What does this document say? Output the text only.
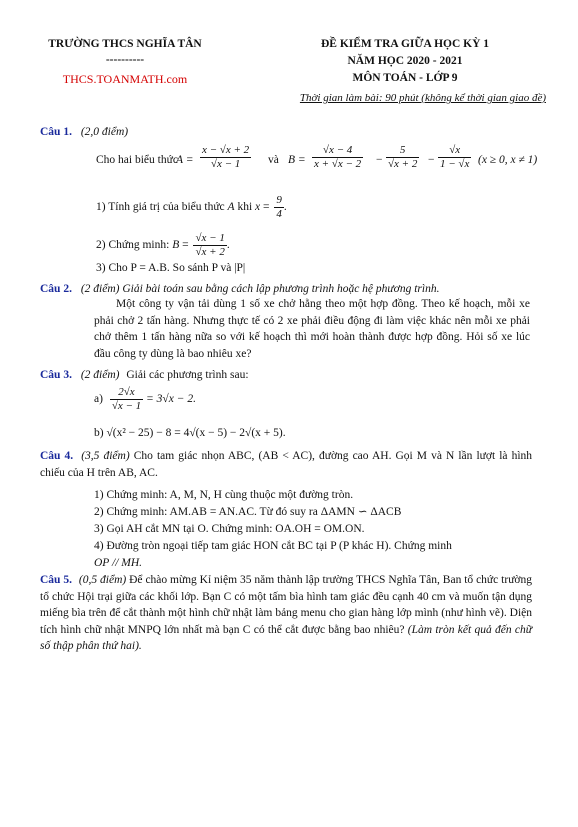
TRƯỜNG THCS NGHĨA TÂN
----------
THCS.TOANMATH.com
ĐỀ KIỂM TRA GIỮA HỌC KỲ 1
NĂM HỌC 2020 - 2021
MÔN TOÁN - LỚP 9
Thời gian làm bài: 90 phút (không kể thời gian giao đề)
Câu 1. (2,0 điểm)
Cho hai biểu thức
$A = \frac{x - √x + 2}{√x - 1}$ và $B = \frac{√x - 4}{x + √x - 2} - \frac{5}{√x + 2} - \frac{√x}{1 - √x} (x \ge 0$, x ≠ 1)
1) Tính giá trị của biểu thức A khi $x = \frac{9}{4}$ .
2) Chứng minh: $B = \frac{√x - 1}{√x + 2}$ .
3) Cho P = A.B. So sánh P và |P|
Câu 2. (2 điểm) Giải bài toán sau bằng cách lập phương trình hoặc hệ phương trình.
Một công ty vận tải dùng 1 số xe chở hằng theo một hợp đồng. Theo kế hoạch, mỗi xe phải chở 2 tấn hàng. Nhưng thực tế có 2 xe phải điều động đi làm việc khác nên mỗi xe phải chở thêm 1 tấn hàng nữa so với kế hoạch thì mới hoàn thành được hợp đồng. Hỏi số xe lúc đầu công ty dùng là bao nhiêu xe?
Câu 3. (2 điểm) Giải các phương trình sau:
$a) \frac{2√x}{√x - 1} = 3√x - 2$.
b) √(x² − 25) − 8 = 4√(x − 5) − 2√(x + 5).
Câu 4. (3,5 điểm) Cho tam giác nhọn ABC, (AB < AC), đường cao AH. Gọi M và N lần lượt là hình chiếu của H trên AB, AC.
1) Chứng minh: A, M, N, H cùng thuộc một đường tròn.
2) Chứng minh: AM.AB = AN.AC. Từ đó suy ra ΔAMN ∽ ΔACB
3) Gọi AH cắt MN tại O. Chứng minh: OA.OH = OM.ON.
4) Đường tròn ngoại tiếp tam giác HON cắt BC tại P (P khác H). Chứng minh
OP // MH.
Câu 5. (0,5 điểm) Để chào mừng Kỉ niệm 35 năm thành lập trường THCS Nghĩa Tân, Ban tổ chức trường tổ chức Hội trại giữa các khối lớp. Bạn C có một tấm bìa hình tam giác đều cạnh 40 cm và muốn tận dụng miếng bìa trên để cắt thành một hình chữ nhật làm bảng menu cho gian hàng lớp mình (như hình vẽ). Diện tích hình chữ nhật MNPQ lớn nhất mà bạn C có thể cắt được bằng bao nhiêu? (Làm tròn kết quả đến chữ số thập phân thứ hai).
